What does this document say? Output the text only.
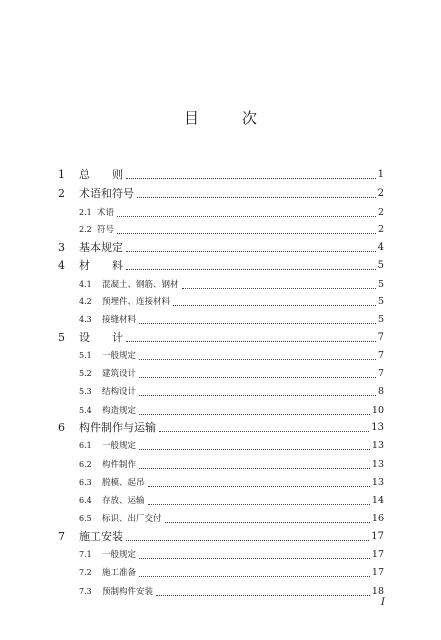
目　次
1 总　　则	1
2 术语和符号	2
2.1 术语	2
2.2 符号	2
3 基本规定	4
4 材　　料	5
4.1 混凝土、钢筋、钢材	5
4.2 预埋件、连接材料	5
4.3 接缝材料	5
5 设　　计	7
5.1 一般规定	7
5.2 建筑设计	7
5.3 结构设计	8
5.4 构造规定	10
6 构件制作与运输	13
6.1 一般规定	13
6.2 构件制作	13
6.3 脱模、起吊	13
6.4 存放、运输	14
6.5 标识、出厂交付	16
7 施工安装	17
7.1 一般规定	17
7.2 施工准备	17
7.3 预制构件安装	18
I
